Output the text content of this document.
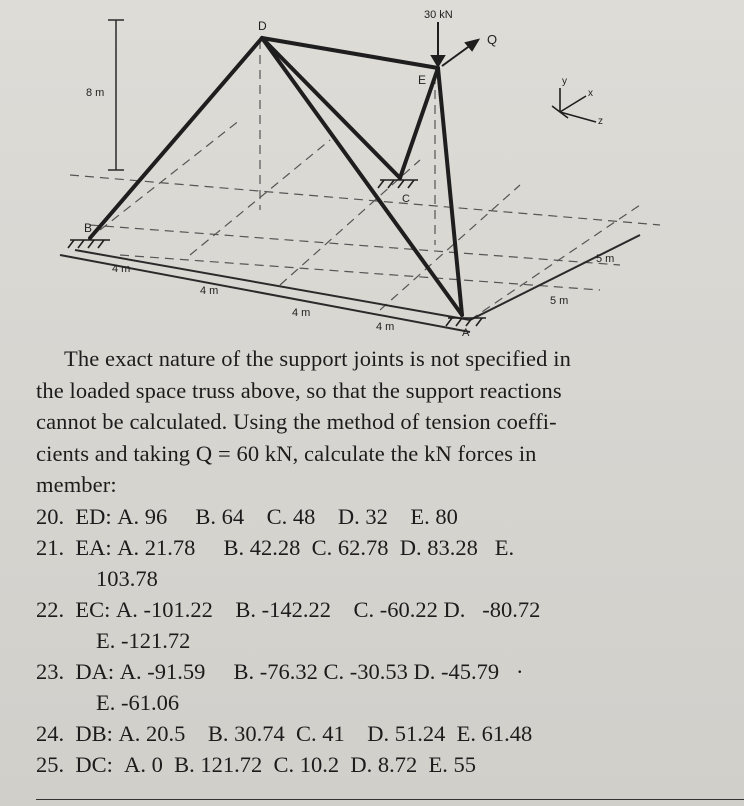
30 kN
Q
D
E
C
B
A
8 m
4 m
4 m
4 m
4 m
5 m
5 m
y
x
z

The exact nature of the support joints is not specified in

the loaded space truss above, so that the support reactions

cannot be calculated. Using the method of tension coeffi-

cients and taking Q = 60 kN, calculate the kN forces in

member:

20.
ED:
A. 96
B. 64
C. 48
D. 32
E. 80
21.
EA:
A. 21.78
B. 42.28
C. 62.78
D. 83.28
E.
103.78
22.
EC:
A. -101.22
B. -142.22
C. -60.22
D.   -80.72
E. -121.72
23.
DA:
A. -91.59
B. -76.32
C. -30.53
D. -45.79
·
E. -61.06
24.
DB:
A. 20.5
B. 30.74
C. 41
D. 51.24
E. 61.48
25.
DC:
A. 0
B. 121.72
C. 10.2
D. 8.72
E. 55
